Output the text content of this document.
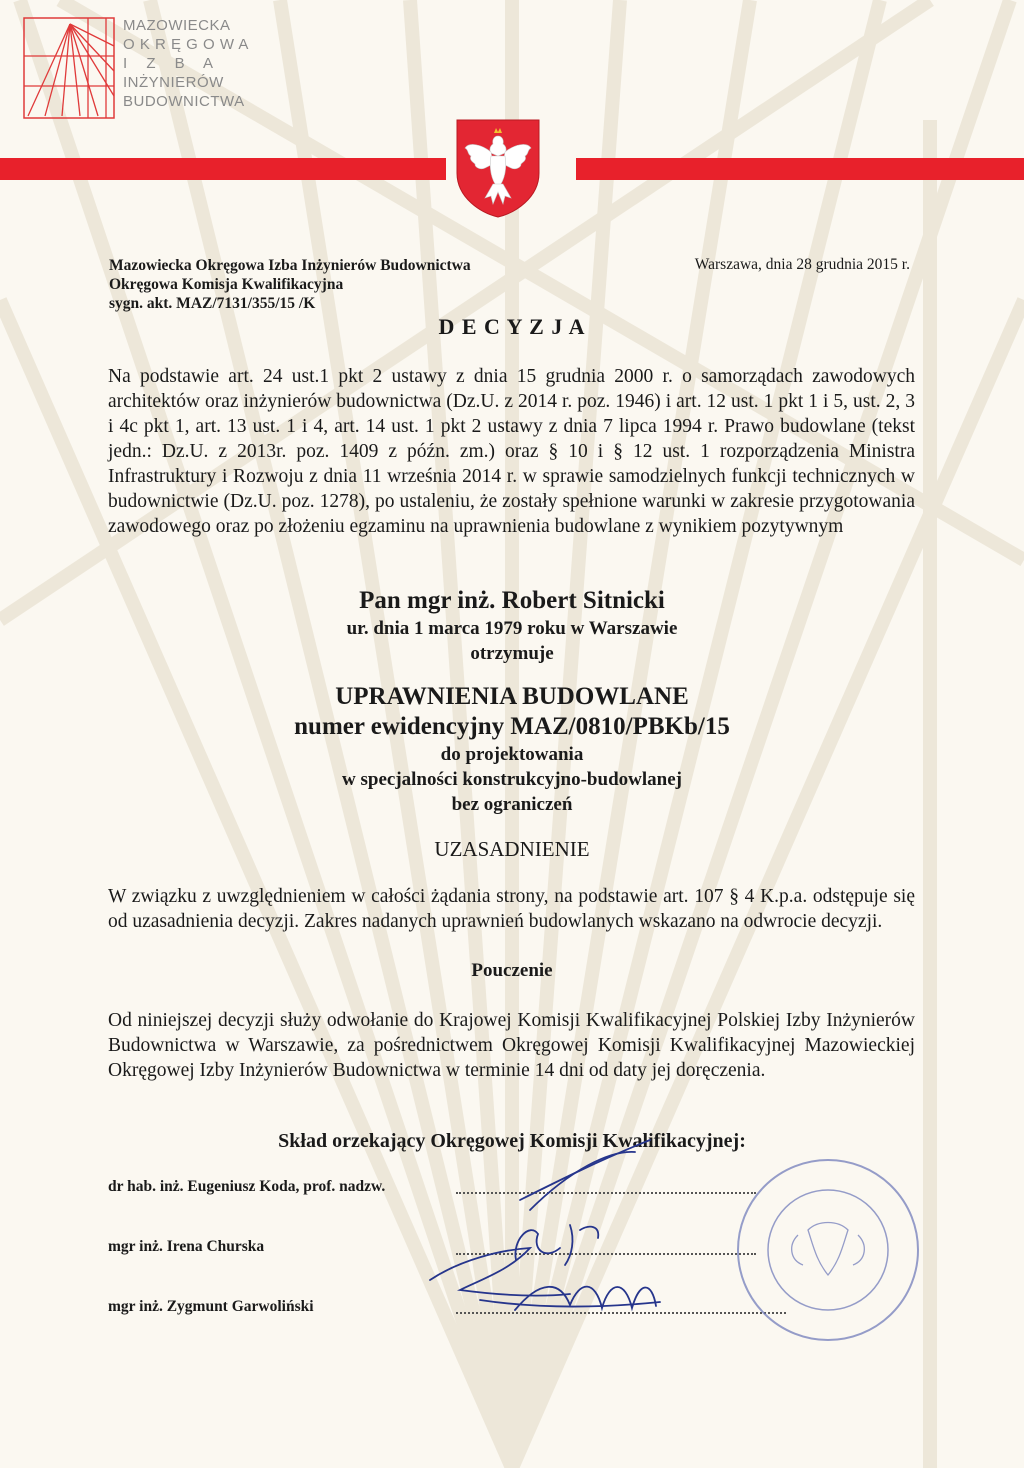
MAZOWIECKA
O K R Ę G O W A
I    Z    B    A
INŻYNIERÓW
BUDOWNICTWA
Mazowiecka Okręgowa Izba Inżynierów Budownictwa
Okręgowa Komisja Kwalifikacyjna
sygn. akt. MAZ/7131/355/15 /K
Warszawa, dnia 28 grudnia 2015 r.
D E C Y Z J A
Na podstawie art. 24 ust.1 pkt 2 ustawy z dnia 15 grudnia 2000 r. o samorządach zawodowych architektów oraz inżynierów budownictwa (Dz.U. z 2014 r. poz. 1946) i art. 12 ust. 1 pkt 1 i 5, ust. 2, 3 i 4c pkt 1, art. 13 ust. 1 i 4, art. 14 ust. 1 pkt 2 ustawy z dnia 7 lipca 1994 r. Prawo budowlane (tekst jedn.: Dz.U. z 2013r. poz. 1409 z późn. zm.) oraz § 10 i § 12 ust. 1 rozporządzenia Ministra Infrastruktury i Rozwoju z dnia 11 września 2014 r. w sprawie samodzielnych funkcji technicznych w budownictwie (Dz.U. poz. 1278), po ustaleniu, że zostały spełnione warunki w zakresie przygotowania zawodowego oraz po złożeniu egzaminu na uprawnienia budowlane z wynikiem pozytywnym
Pan mgr inż. Robert Sitnicki
ur. dnia 1 marca 1979 roku w Warszawie
otrzymuje
UPRAWNIENIA BUDOWLANE
numer ewidencyjny MAZ/0810/PBKb/15
do projektowania
w specjalności konstrukcyjno-budowlanej
bez ograniczeń
UZASADNIENIE
W związku z uwzględnieniem w całości żądania strony, na podstawie art. 107 § 4 K.p.a. odstępuje się od uzasadnienia decyzji. Zakres nadanych uprawnień budowlanych wskazano na odwrocie decyzji.
Pouczenie
Od niniejszej decyzji służy odwołanie do Krajowej Komisji Kwalifikacyjnej Polskiej Izby Inżynierów Budownictwa w Warszawie, za pośrednictwem Okręgowej Komisji Kwalifikacyjnej Mazowieckiej Okręgowej Izby Inżynierów Budownictwa w terminie 14 dni od daty jej doręczenia.
Skład orzekający Okręgowej Komisji Kwalifikacyjnej:
dr hab. inż. Eugeniusz Koda, prof. nadzw.
mgr inż. Irena Churska
mgr inż. Zygmunt Garwoliński
